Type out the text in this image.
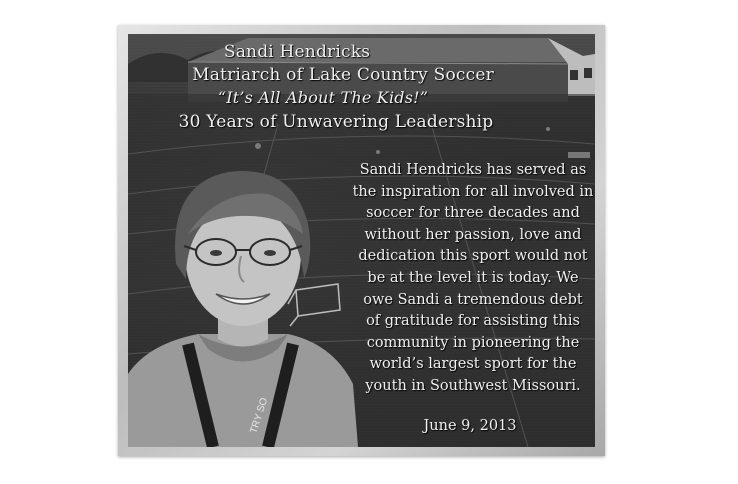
TRY SO
Sandi Hendricks
Matriarch of Lake Country Soccer
“It’s All About The Kids!”
30 Years of Unwavering Leadership
Sandi Hendricks has served as
the inspiration for all involved in
soccer for three decades and
without her passion, love and
dedication this sport would not
be at the level it is today. We
owe Sandi a tremendous debt
of gratitude for assisting this
community in pioneering the
world’s largest sport for the
youth in Southwest Missouri.
June 9, 2013
